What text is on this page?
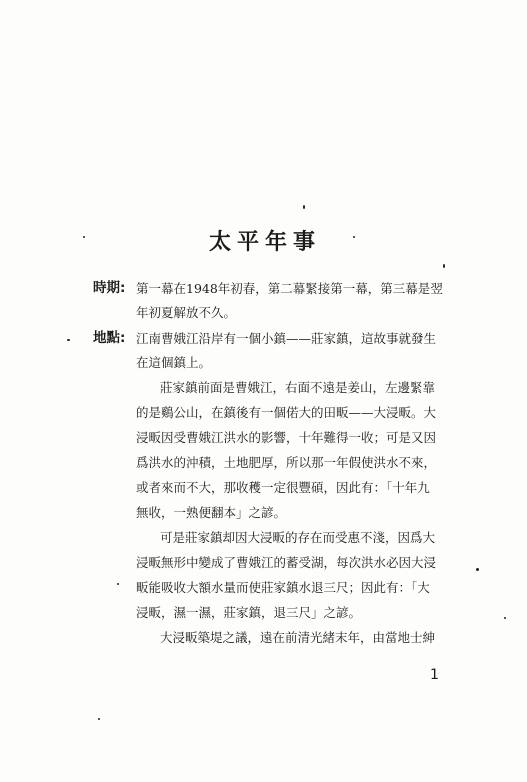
太平年事
時期: 第一幕在1948年初春，第二幕緊接第一幕，第三幕是翌
年初夏解放不久。
地點: 江南曹娥江沿岸有一個小鎮——莊家鎮，這故事就發生
在這個鎮上。
莊家鎮前面是曹娥江，右面不遠是姜山，左邊緊靠
的是鷄公山，在鎮後有一個偌大的田畈——大浸畈。大
浸畈因受曹娥江洪水的影響，十年難得一收；可是又因
爲洪水的沖積，土地肥厚，所以那一年假使洪水不來，
或者來而不大，那收穫一定很豐碩，因此有：「十年九
無收，一熟便翻本」之諺。
可是莊家鎮却因大浸畈的存在而受惠不淺，因爲大
浸畈無形中變成了曹娥江的蓄受湖，每次洪水必因大浸
畈能吸收大額水量而使莊家鎮水退三尺；因此有：「大
浸畈，濕一濕，莊家鎮，退三尺」之諺。
大浸畈築堤之議，遠在前清光緒末年，由當地士紳
1
